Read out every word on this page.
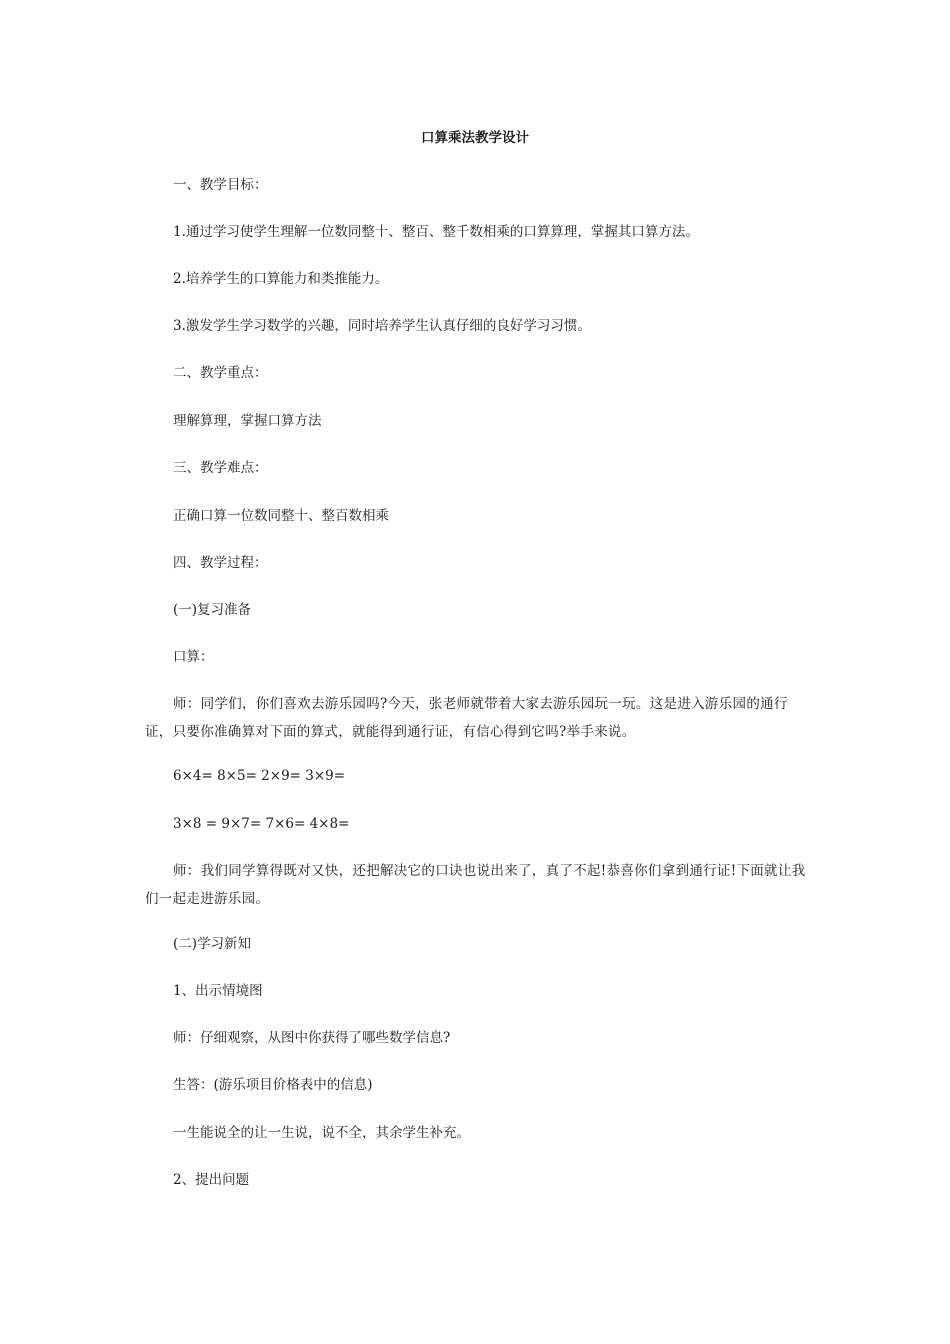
口算乘法教学设计
一、教学目标：
1.通过学习使学生理解一位数同整十、整百、整千数相乘的口算算理，掌握其口算方法。
2.培养学生的口算能力和类推能力。
3.激发学生学习数学的兴趣，同时培养学生认真仔细的良好学习习惯。
二、教学重点：
理解算理，掌握口算方法
三、教学难点：
正确口算一位数同整十、整百数相乘
四、教学过程：
(一)复习准备
口算：
师：同学们，你们喜欢去游乐园吗?今天，张老师就带着大家去游乐园玩一玩。这是进入游乐园的通行证，只要你准确算对下面的算式，就能得到通行证，有信心得到它吗?举手来说。
6×4= 8×5= 2×9= 3×9=
3×8 = 9×7= 7×6= 4×8=
师：我们同学算得既对又快，还把解决它的口诀也说出来了，真了不起!恭喜你们拿到通行证!下面就让我们一起走进游乐园。
(二)学习新知
1、出示情境图
师：仔细观察，从图中你获得了哪些数学信息?
生答：(游乐项目价格表中的信息)
一生能说全的让一生说，说不全，其余学生补充。
2、提出问题
